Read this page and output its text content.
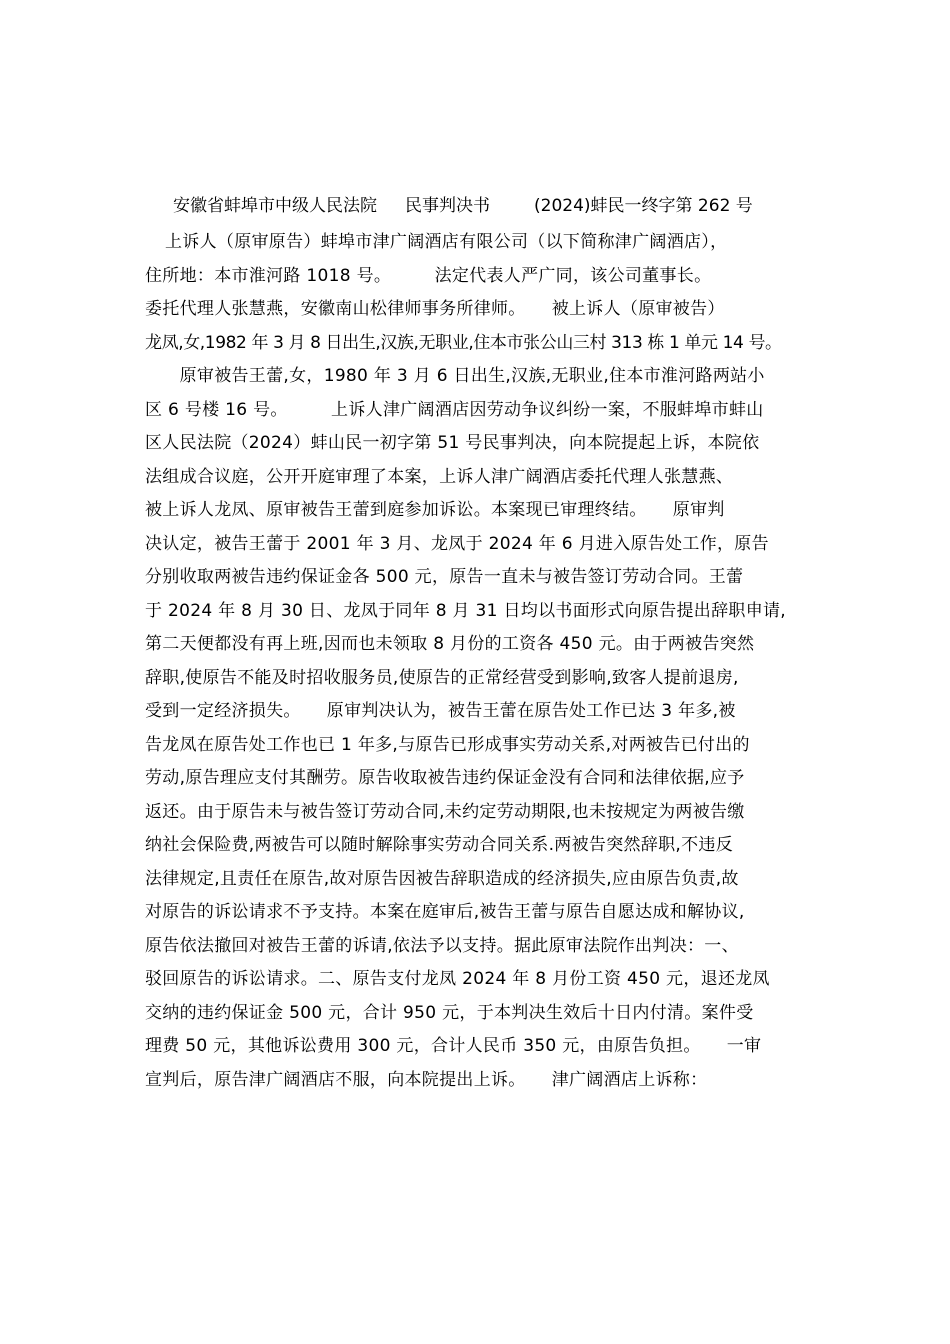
安徽省蚌埠市中级人民法院 民事判决书	(2024)蚌民一终字第 262 号
上诉人（原审原告）蚌埠市津广阔酒店有限公司（以下简称津广阔酒店），
住所地：本市淮河路 1018 号。　　　法定代表人严广同，该公司董事长。
委托代理人张慧燕，安徽南山松律师事务所律师。　　被上诉人（原审被告）
龙凤,女,1982 年 3 月 8 日出生,汉族,无职业,住本市张公山三村 313 栋 1 单元 14 号。
　　原审被告王蕾,女，1980 年 3 月 6 日出生,汉族,无职业,住本市淮河路两站小
区 6 号楼 16 号。　　　上诉人津广阔酒店因劳动争议纠纷一案，不服蚌埠市蚌山
区人民法院（2024）蚌山民一初字第 51 号民事判决，向本院提起上诉，本院依
法组成合议庭，公开开庭审理了本案，上诉人津广阔酒店委托代理人张慧燕、
被上诉人龙凤、原审被告王蕾到庭参加诉讼。本案现已审理终结。　　原审判
决认定，被告王蕾于 2001 年 3 月、龙凤于 2024 年 6 月进入原告处工作，原告
分别收取两被告违约保证金各 500 元，原告一直未与被告签订劳动合同。王蕾
于 2024 年 8 月 30 日、龙凤于同年 8 月 31 日均以书面形式向原告提出辞职申请,
第二天便都没有再上班,因而也未领取 8 月份的工资各 450 元。由于两被告突然
辞职,使原告不能及时招收服务员,使原告的正常经营受到影响,致客人提前退房,
受到一定经济损失。　　原审判决认为，被告王蕾在原告处工作已达 3 年多,被
告龙凤在原告处工作也已 1 年多,与原告已形成事实劳动关系,对两被告已付出的
劳动,原告理应支付其酬劳。原告收取被告违约保证金没有合同和法律依据,应予
返还。由于原告未与被告签订劳动合同,未约定劳动期限,也未按规定为两被告缴
纳社会保险费,两被告可以随时解除事实劳动合同关系.两被告突然辞职,不违反
法律规定,且责任在原告,故对原告因被告辞职造成的经济损失,应由原告负责,故
对原告的诉讼请求不予支持。本案在庭审后,被告王蕾与原告自愿达成和解协议,
原告依法撤回对被告王蕾的诉请,依法予以支持。据此原审法院作出判决：一、
驳回原告的诉讼请求。二、原告支付龙凤 2024 年 8 月份工资 450 元，退还龙凤
交纳的违约保证金 500 元，合计 950 元，于本判决生效后十日内付清。案件受
理费 50 元，其他诉讼费用 300 元，合计人民币 350 元，由原告负担。　　一审
宣判后，原告津广阔酒店不服，向本院提出上诉。　　津广阔酒店上诉称：
